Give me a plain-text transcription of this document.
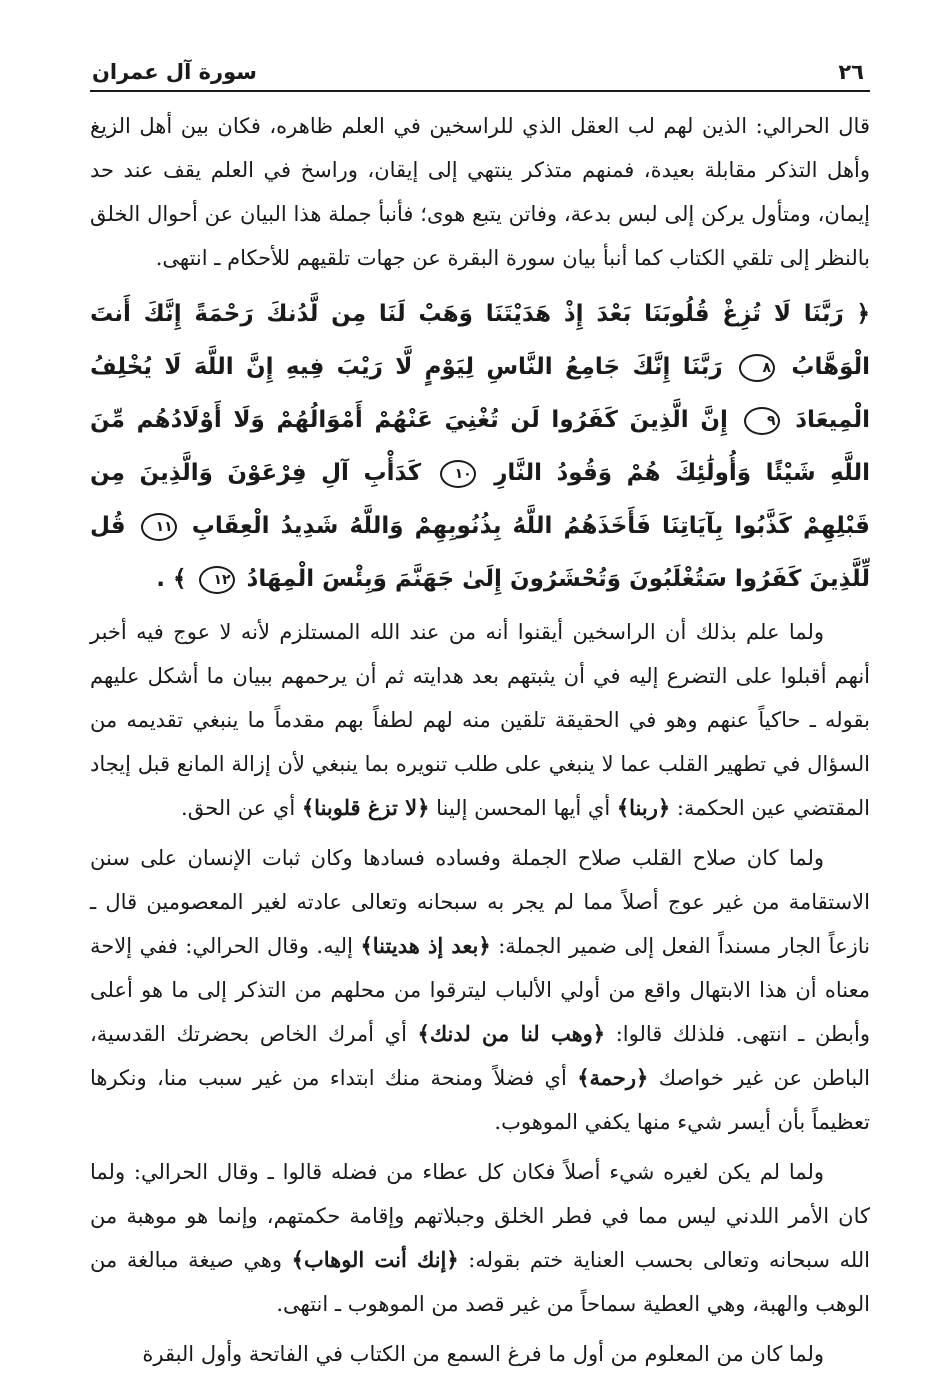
٢٦
سورة آل عمران

قال الحرالي: الذين لهم لب العقل الذي للراسخين في العلم ظاهره، فكان بين أهل الزيغ وأهل التذكر مقابلة بعيدة، فمنهم متذكر ينتهي إلى إيقان، وراسخ في العلم يقف عند حد إيمان، ومتأول يركن إلى لبس بدعة، وفاتن يتبع هوى؛ فأنبأ جملة هذا البيان عن أحوال الخلق بالنظر إلى تلقي الكتاب كما أنبأ بيان سورة البقرة عن جهات تلقيهم للأحكام ـ انتهى.

﴿ رَبَّنَا لَا تُزِغْ قُلُوبَنَا بَعْدَ إِذْ هَدَيْتَنَا وَهَبْ لَنَا مِن لَّدُنكَ رَحْمَةً إِنَّكَ أَنتَ الْوَهَّابُ ٨ رَبَّنَا إِنَّكَ جَامِعُ النَّاسِ لِيَوْمٍ لَّا رَيْبَ فِيهِ إِنَّ اللَّهَ لَا يُخْلِفُ الْمِيعَادَ ٩ إِنَّ الَّذِينَ كَفَرُوا لَن تُغْنِيَ عَنْهُمْ أَمْوَالُهُمْ وَلَا أَوْلَادُهُم مِّنَ اللَّهِ شَيْئًا وَأُولَٰئِكَ هُمْ وَقُودُ النَّارِ ١٠ كَدَأْبِ آلِ فِرْعَوْنَ وَالَّذِينَ مِن قَبْلِهِمْ كَذَّبُوا بِآيَاتِنَا فَأَخَذَهُمُ اللَّهُ بِذُنُوبِهِمْ وَاللَّهُ شَدِيدُ الْعِقَابِ ١١ قُل لِّلَّذِينَ كَفَرُوا سَتُغْلَبُونَ وَتُحْشَرُونَ إِلَىٰ جَهَنَّمَ وَبِئْسَ الْمِهَادُ ١٢ ﴾ .

ولما علم بذلك أن الراسخين أيقنوا أنه من عند الله المستلزم لأنه لا عوج فيه أخبر أنهم أقبلوا على التضرع إليه في أن يثبتهم بعد هدايته ثم أن يرحمهم ببيان ما أشكل عليهم بقوله ـ حاكياً عنهم وهو في الحقيقة تلقين منه لهم لطفاً بهم مقدماً ما ينبغي تقديمه من السؤال في تطهير القلب عما لا ينبغي على طلب تنويره بما ينبغي لأن إزالة المانع قبل إيجاد المقتضي عين الحكمة: ﴿ربنا﴾ أي أيها المحسن إلينا ﴿لا تزغ قلوبنا﴾ أي عن الحق.

ولما كان صلاح القلب صلاح الجملة وفساده فسادها وكان ثبات الإنسان على سنن الاستقامة من غير عوج أصلاً مما لم يجر به سبحانه وتعالى عادته لغير المعصومين قال ـ نازعاً الجار مسنداً الفعل إلى ضمير الجملة: ﴿بعد إذ هديتنا﴾ إليه. وقال الحرالي: ففي إلاحة معناه أن هذا الابتهال واقع من أولي الألباب ليترقوا من محلهم من التذكر إلى ما هو أعلى وأبطن ـ انتهى. فلذلك قالوا: ﴿وهب لنا من لدنك﴾ أي أمرك الخاص بحضرتك القدسية، الباطن عن غير خواصك ﴿رحمة﴾ أي فضلاً ومنحة منك ابتداء من غير سبب منا، ونكرها تعظيماً بأن أيسر شيء منها يكفي الموهوب.

ولما لم يكن لغيره شيء أصلاً فكان كل عطاء من فضله قالوا ـ وقال الحرالي: ولما كان الأمر اللدني ليس مما في فطر الخلق وجبلاتهم وإقامة حكمتهم، وإنما هو موهبة من الله سبحانه وتعالى بحسب العناية ختم بقوله: ﴿إنك أنت الوهاب﴾ وهي صيغة مبالغة من الوهب والهبة، وهي العطية سماحاً من غير قصد من الموهوب ـ انتهى.

ولما كان من المعلوم من أول ما فرغ السمع من الكتاب في الفاتحة وأول البقرة
